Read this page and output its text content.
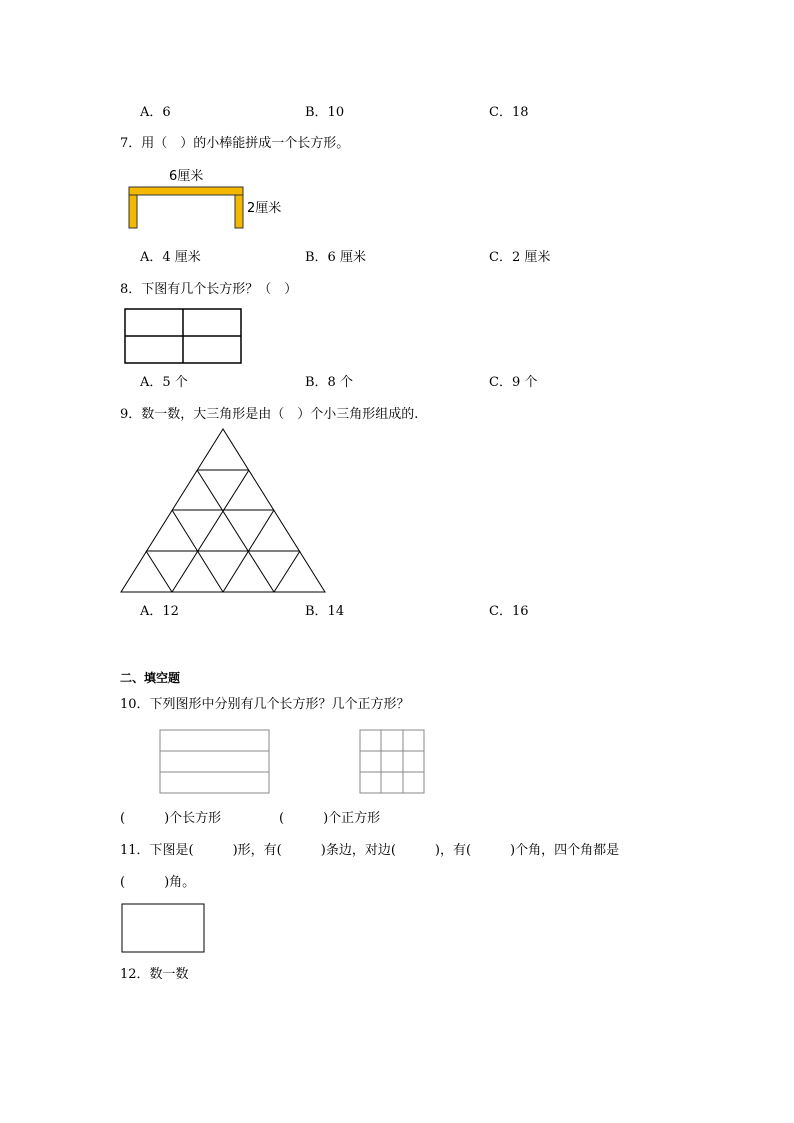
A．6	B．10	C．18
7．用（　）的小棒能拼成一个长方形。
6厘米
2厘米
A．4 厘米	B．6 厘米	C．2 厘米
8．下图有几个长方形？（　）
A．5 个	B．8 个	C．9 个
9．数一数，大三角形是由（　）个小三角形组成的.
A．12	B．14	C．16
二、填空题
10．下列图形中分别有几个长方形？几个正方形？
(　　　)个长方形	(　　　)个正方形
11．下图是(　　　)形，有(　　　)条边，对边(　　　)，有(　　　)个角，四个角都是
(　　　)角。
12．数一数
